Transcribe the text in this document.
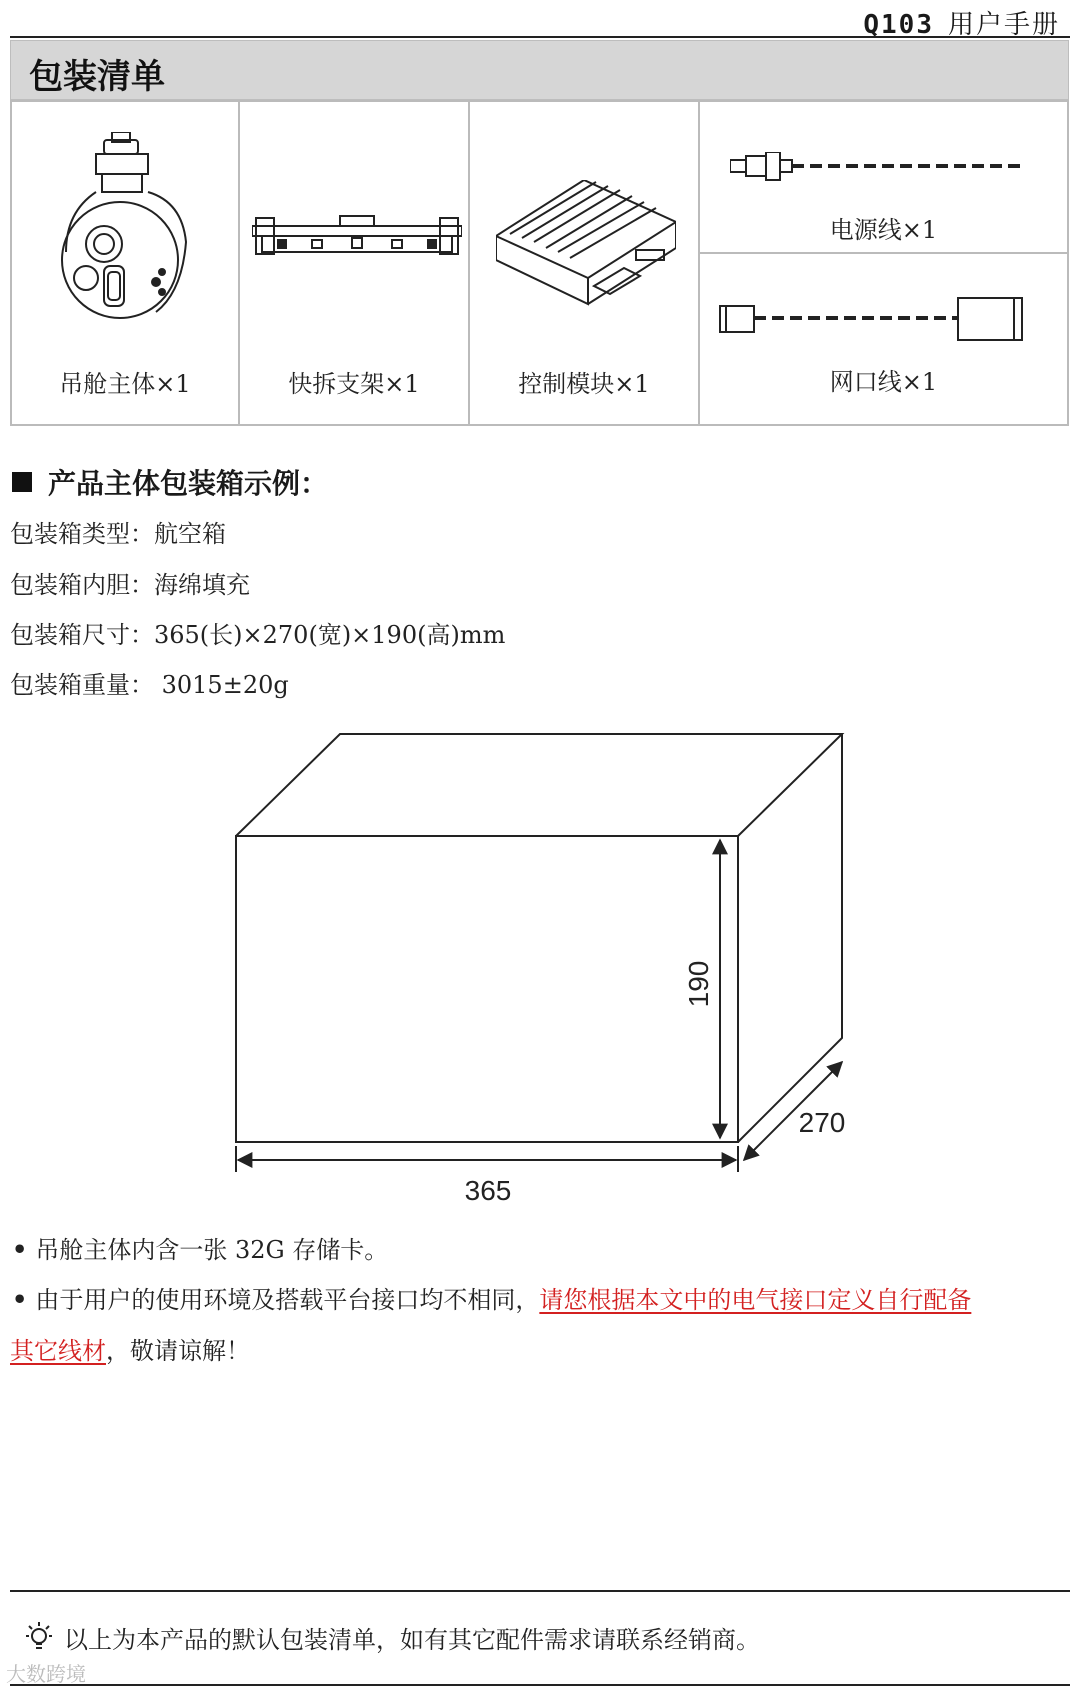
Q103 用户手册
包装清单
吊舱主体×1	快拆支架×1	控制模块×1
电源线×1
网口线×1
产品主体包装箱示例：
包装箱类型：航空箱
包装箱内胆：海绵填充
包装箱尺寸：365(长)×270(宽)×190(高)mm
包装箱重量： 3015±20g
365
270
190
• 吊舱主体内含一张 32G 存储卡。
• 由于用户的使用环境及搭载平台接口均不相同，请您根据本文中的电气接口定义自行配备
其它线材，敬请谅解！
以上为本产品的默认包装清单，如有其它配件需求请联系经销商。
大数跨境
